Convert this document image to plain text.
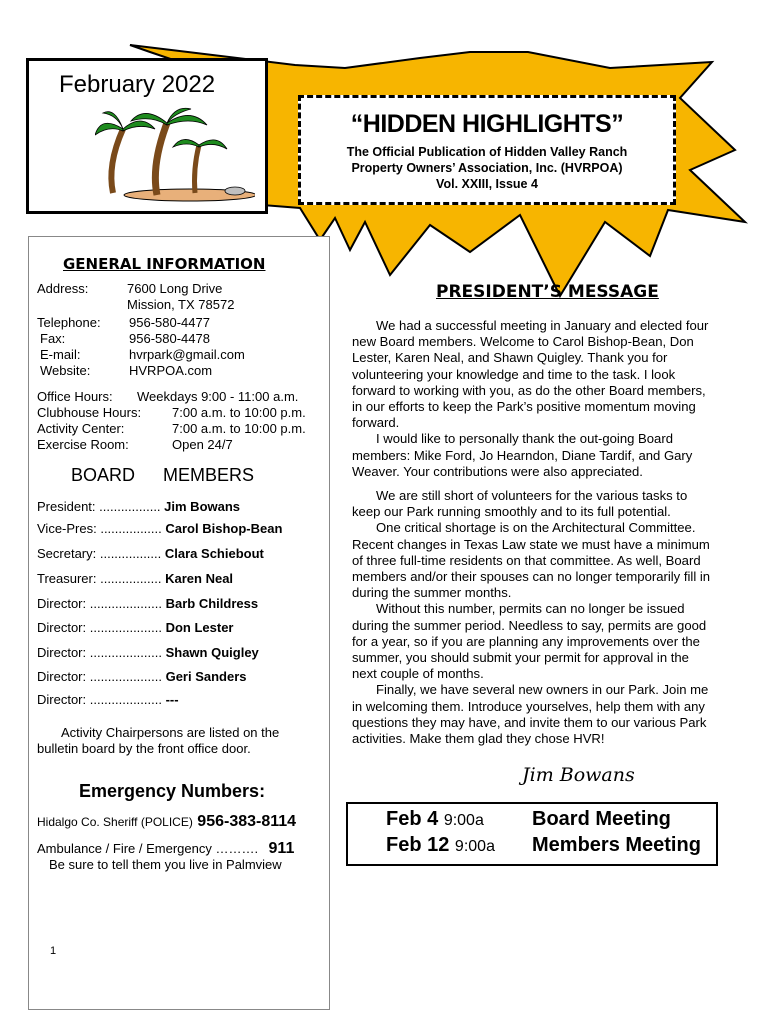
February 2022
“HIDDEN HIGHLIGHTS”
The Official Publication of Hidden Valley Ranch
Property Owners’ Association, Inc. (HVRPOA)
Vol. XXIII, Issue 4
GENERAL INFORMATION
Address:	7600 Long Drive
Mission, TX 78572
Telephone: 956-580-4477
Fax:	956-580-4478
E-mail:	hvrpark@gmail.com
Website:	HVRPOA.com
Office Hours: Weekdays 9:00 - 11:00 a.m.
Clubhouse Hours: 7:00 a.m. to 10:00 p.m.
Activity Center:	7:00 a.m. to 10:00 p.m.
Exercise Room:	Open 24/7
BOARD MEMBERS
President: ................. Jim Bowans
Vice-Pres: ................. Carol Bishop-Bean
Secretary: ................. Clara Schiebout
Treasurer: ................. Karen Neal
Director: .................... Barb Childress
Director: .................... Don Lester
Director: .................... Shawn Quigley
Director: .................... Geri Sanders
Director: .................... ---
Activity Chairpersons are listed on the
bulletin board by the front office door.
Emergency Numbers:
Hidalgo Co. Sheriff (POLICE) 956-383-8114
Ambulance / Fire / Emergency ………. 911
Be sure to tell them you live in Palmview
PRESIDENT’S MESSAGE

We had a successful meeting in January and elected four new Board members. Welcome to Carol Bishop-Bean, Don Lester, Karen Neal, and Shawn Quigley. Thank you for volunteering your knowledge and time to the task. I look forward to working with you, as do the other Board members, in our efforts to keep the Park’s positive momentum moving forward.

I would like to personally thank the out-going Board members: Mike Ford, Jo Hearndon, Diane Tardif, and Gary Weaver. Your contributions were also appreciated.

We are still short of volunteers for the various tasks to keep our Park running smoothly and to its full potential.

One critical shortage is on the Architectural Committee. Recent changes in Texas Law state we must have a minimum of three full-time residents on that committee. As well, Board members and/or their spouses can no longer temporarily fill in during the summer months.

Without this number, permits can no longer be issued during the summer period. Needless to say, permits are good for a year, so if you are planning any improvements over the summer, you should submit your permit for approval in the next couple of months.

Finally, we have several new owners in our Park. Join me in welcoming them. Introduce yourselves, help them with any questions they may have, and invite them to our various Park activities. Make them glad they chose HVR!

Jim Bowans
Feb 4 9:00a Board Meeting
Feb 12 9:00a Members Meeting
1
